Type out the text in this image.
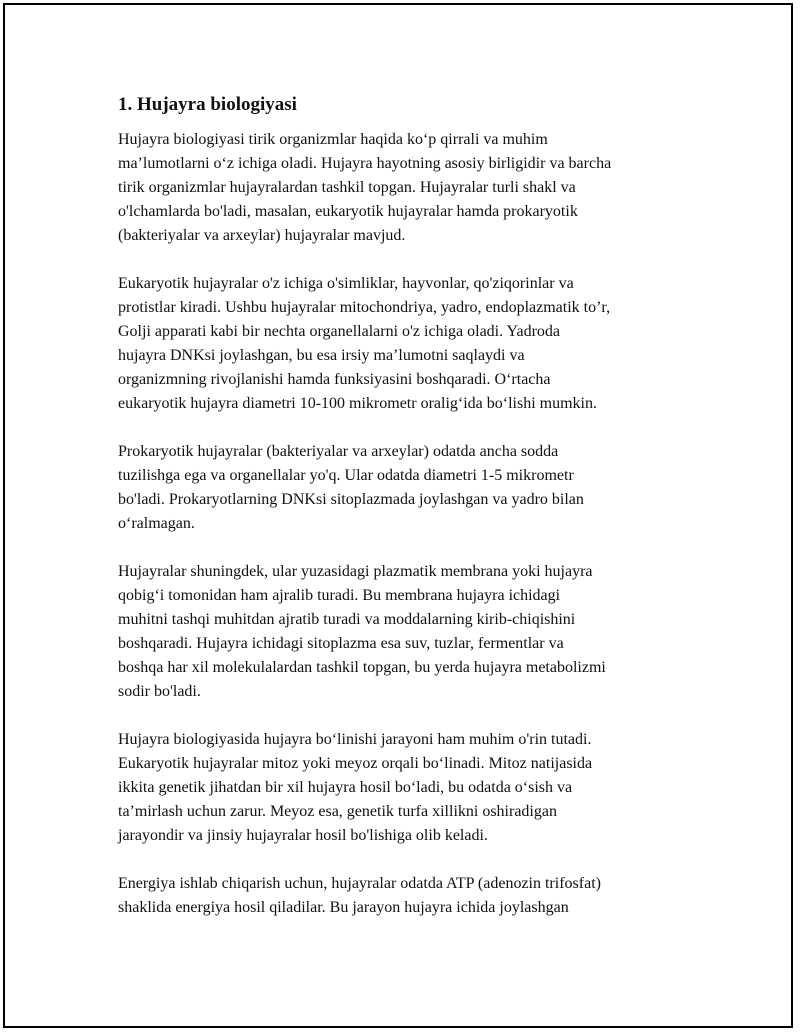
1. Hujayra biologiyasi

Hujayra biologiyasi tirik organizmlar haqida koʻp qirrali va muhim
maʼlumotlarni oʻz ichiga oladi. Hujayra hayotning asosiy birligidir va barcha
tirik organizmlar hujayralardan tashkil topgan. Hujayralar turli shakl va
o'lchamlarda bo'ladi, masalan, eukaryotik hujayralar hamda prokaryotik
(bakteriyalar va arxeylar) hujayralar mavjud.

Eukaryotik hujayralar o'z ichiga o'simliklar, hayvonlar, qo'ziqorinlar va
protistlar kiradi. Ushbu hujayralar mitochondriya, yadro, endoplazmatik to’r,
Golji apparati kabi bir nechta organellalarni o'z ichiga oladi. Yadroda
hujayra DNKsi joylashgan, bu esa irsiy maʼlumotni saqlaydi va
organizmning rivojlanishi hamda funksiyasini boshqaradi. Oʻrtacha
eukaryotik hujayra diametri 10-100 mikrometr oraligʻida boʻlishi mumkin.

Prokaryotik hujayralar (bakteriyalar va arxeylar) odatda ancha sodda
tuzilishga ega va organellalar yo'q. Ular odatda diametri 1-5 mikrometr
bo'ladi. Prokaryotlarning DNKsi sitoplazmada joylashgan va yadro bilan
oʻralmagan.

Hujayralar shuningdek, ular yuzasidagi plazmatik membrana yoki hujayra
qobigʻi tomonidan ham ajralib turadi. Bu membrana hujayra ichidagi
muhitni tashqi muhitdan ajratib turadi va moddalarning kirib-chiqishini
boshqaradi. Hujayra ichidagi sitoplazma esa suv, tuzlar, fermentlar va
boshqa har xil molekulalardan tashkil topgan, bu yerda hujayra metabolizmi
sodir bo'ladi.

Hujayra biologiyasida hujayra boʻlinishi jarayoni ham muhim o'rin tutadi.
Eukaryotik hujayralar mitoz yoki meyoz orqali boʻlinadi. Mitoz natijasida
ikkita genetik jihatdan bir xil hujayra hosil boʻladi, bu odatda oʻsish va
taʼmirlash uchun zarur. Meyoz esa, genetik turfa xillikni oshiradigan
jarayondir va jinsiy hujayralar hosil bo'lishiga olib keladi.

Energiya ishlab chiqarish uchun, hujayralar odatda ATP (adenozin trifosfat)
shaklida energiya hosil qiladilar. Bu jarayon hujayra ichida joylashgan
